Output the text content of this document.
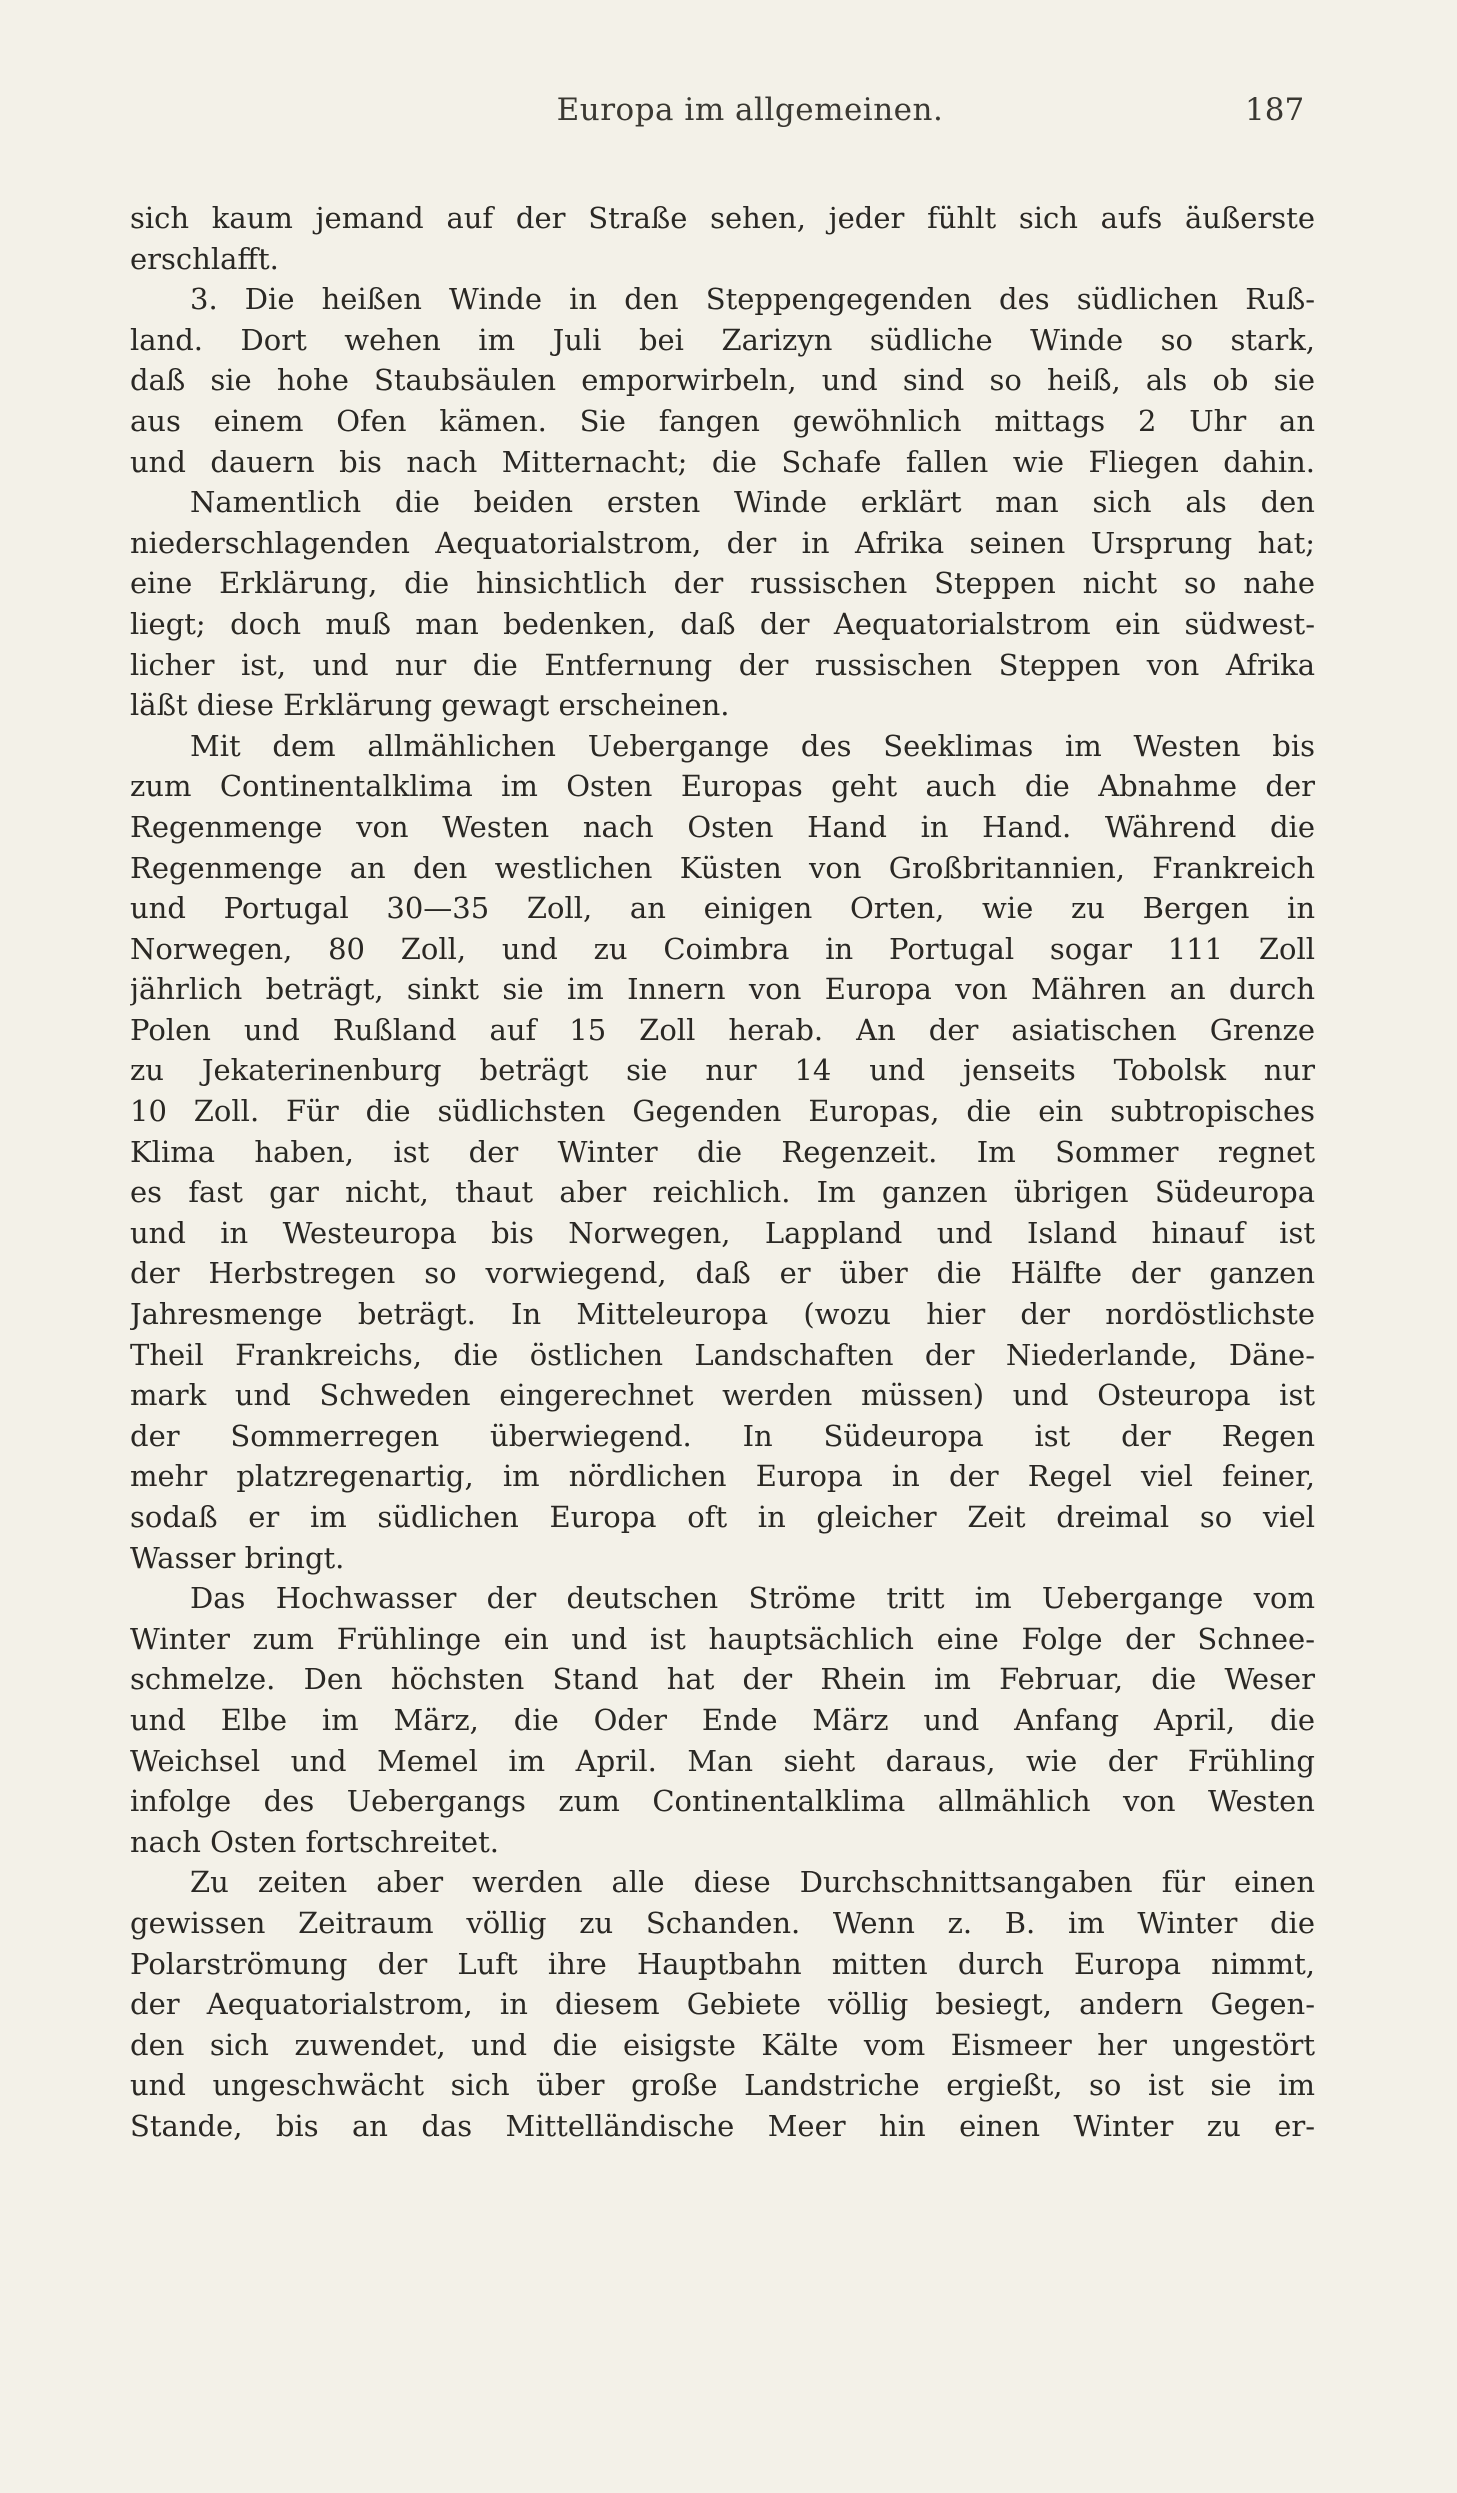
Europa im allgemeinen.	187
sich kaum jemand auf der Straße sehen, jeder fühlt sich aufs äußerste
erschlafft.
3. Die heißen Winde in den Steppengegenden des südlichen Ruß-
land. Dort wehen im Juli bei Zarizyn südliche Winde so stark,
daß sie hohe Staubsäulen emporwirbeln, und sind so heiß, als ob sie
aus einem Ofen kämen. Sie fangen gewöhnlich mittags 2 Uhr an
und dauern bis nach Mitternacht; die Schafe fallen wie Fliegen dahin.
Namentlich die beiden ersten Winde erklärt man sich als den
niederschlagenden Aequatorialstrom, der in Afrika seinen Ursprung hat;
eine Erklärung, die hinsichtlich der russischen Steppen nicht so nahe
liegt; doch muß man bedenken, daß der Aequatorialstrom ein südwest-
licher ist, und nur die Entfernung der russischen Steppen von Afrika
läßt diese Erklärung gewagt erscheinen.
Mit dem allmählichen Uebergange des Seeklimas im Westen bis
zum Continentalklima im Osten Europas geht auch die Abnahme der
Regenmenge von Westen nach Osten Hand in Hand. Während die
Regenmenge an den westlichen Küsten von Großbritannien, Frankreich
und Portugal 30—35 Zoll, an einigen Orten, wie zu Bergen in
Norwegen, 80 Zoll, und zu Coimbra in Portugal sogar 111 Zoll
jährlich beträgt, sinkt sie im Innern von Europa von Mähren an durch
Polen und Rußland auf 15 Zoll herab. An der asiatischen Grenze
zu Jekaterinenburg beträgt sie nur 14 und jenseits Tobolsk nur
10 Zoll. Für die südlichsten Gegenden Europas, die ein subtropisches
Klima haben, ist der Winter die Regenzeit. Im Sommer regnet
es fast gar nicht, thaut aber reichlich. Im ganzen übrigen Südeuropa
und in Westeuropa bis Norwegen, Lappland und Island hinauf ist
der Herbstregen so vorwiegend, daß er über die Hälfte der ganzen
Jahresmenge beträgt. In Mitteleuropa (wozu hier der nordöstlichste
Theil Frankreichs, die östlichen Landschaften der Niederlande, Däne-
mark und Schweden eingerechnet werden müssen) und Osteuropa ist
der Sommerregen überwiegend. In Südeuropa ist der Regen
mehr platzregenartig, im nördlichen Europa in der Regel viel feiner,
sodaß er im südlichen Europa oft in gleicher Zeit dreimal so viel
Wasser bringt.
Das Hochwasser der deutschen Ströme tritt im Uebergange vom
Winter zum Frühlinge ein und ist hauptsächlich eine Folge der Schnee-
schmelze. Den höchsten Stand hat der Rhein im Februar, die Weser
und Elbe im März, die Oder Ende März und Anfang April, die
Weichsel und Memel im April. Man sieht daraus, wie der Frühling
infolge des Uebergangs zum Continentalklima allmählich von Westen
nach Osten fortschreitet.
Zu zeiten aber werden alle diese Durchschnittsangaben für einen
gewissen Zeitraum völlig zu Schanden. Wenn z. B. im Winter die
Polarströmung der Luft ihre Hauptbahn mitten durch Europa nimmt,
der Aequatorialstrom, in diesem Gebiete völlig besiegt, andern Gegen-
den sich zuwendet, und die eisigste Kälte vom Eismeer her ungestört
und ungeschwächt sich über große Landstriche ergießt, so ist sie im
Stande, bis an das Mittelländische Meer hin einen Winter zu er-
